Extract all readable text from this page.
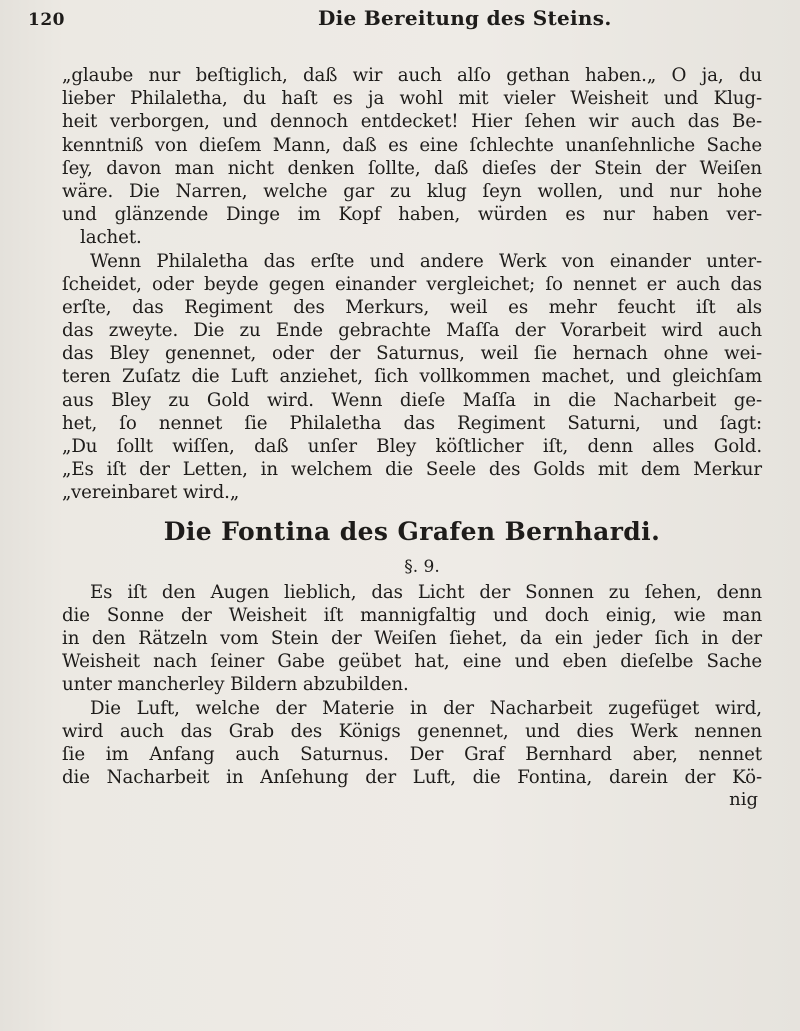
120	Die Bereitung des Steins.
„glaube nur beſtiglich, daß wir auch alſo gethan haben.„ O ja, du
lieber Philaletha, du haſt es ja wohl mit vieler Weisheit und Klug-
heit verborgen, und dennoch entdecket! Hier ſehen wir auch das Be-
kenntniß von dieſem Mann, daß es eine ſchlechte unanſehnliche Sache
ſey, davon man nicht denken ſollte, daß dieſes der Stein der Weiſen
wäre. Die Narren, welche gar zu klug ſeyn wollen, und nur hohe
und glänzende Dinge im Kopf haben, würden es nur haben ver-
lachet.
Wenn Philaletha das erſte und andere Werk von einander unter-
ſcheidet, oder beyde gegen einander vergleichet; ſo nennet er auch das
erſte, das Regiment des Merkurs, weil es mehr feucht iſt als
das zweyte. Die zu Ende gebrachte Maſſa der Vorarbeit wird auch
das Bley genennet, oder der Saturnus, weil ſie hernach ohne wei-
teren Zuſatz die Luft anziehet, ſich vollkommen machet, und gleichſam
aus Bley zu Gold wird. Wenn dieſe Maſſa in die Nacharbeit ge-
het, ſo nennet ſie Philaletha das Regiment Saturni, und ſagt:
„Du ſollt wiſſen, daß unſer Bley köſtlicher iſt, denn alles Gold.
„Es iſt der Letten, in welchem die Seele des Golds mit dem Merkur
„vereinbaret wird.„
Die Fontina des Grafen Bernhardi.
§. 9.
Es iſt den Augen lieblich, das Licht der Sonnen zu ſehen, denn
die Sonne der Weisheit iſt mannigfaltig und doch einig, wie man
in den Rätzeln vom Stein der Weiſen ſiehet, da ein jeder ſich in der
Weisheit nach ſeiner Gabe geübet hat, eine und eben dieſelbe Sache
unter mancherley Bildern abzubilden.
Die Luft, welche der Materie in der Nacharbeit zugefüget wird,
wird auch das Grab des Königs genennet, und dies Werk nennen
ſie im Anfang auch Saturnus. Der Graf Bernhard aber, nennet
die Nacharbeit in Anſehung der Luft, die Fontina, darein der Kö-
nig
